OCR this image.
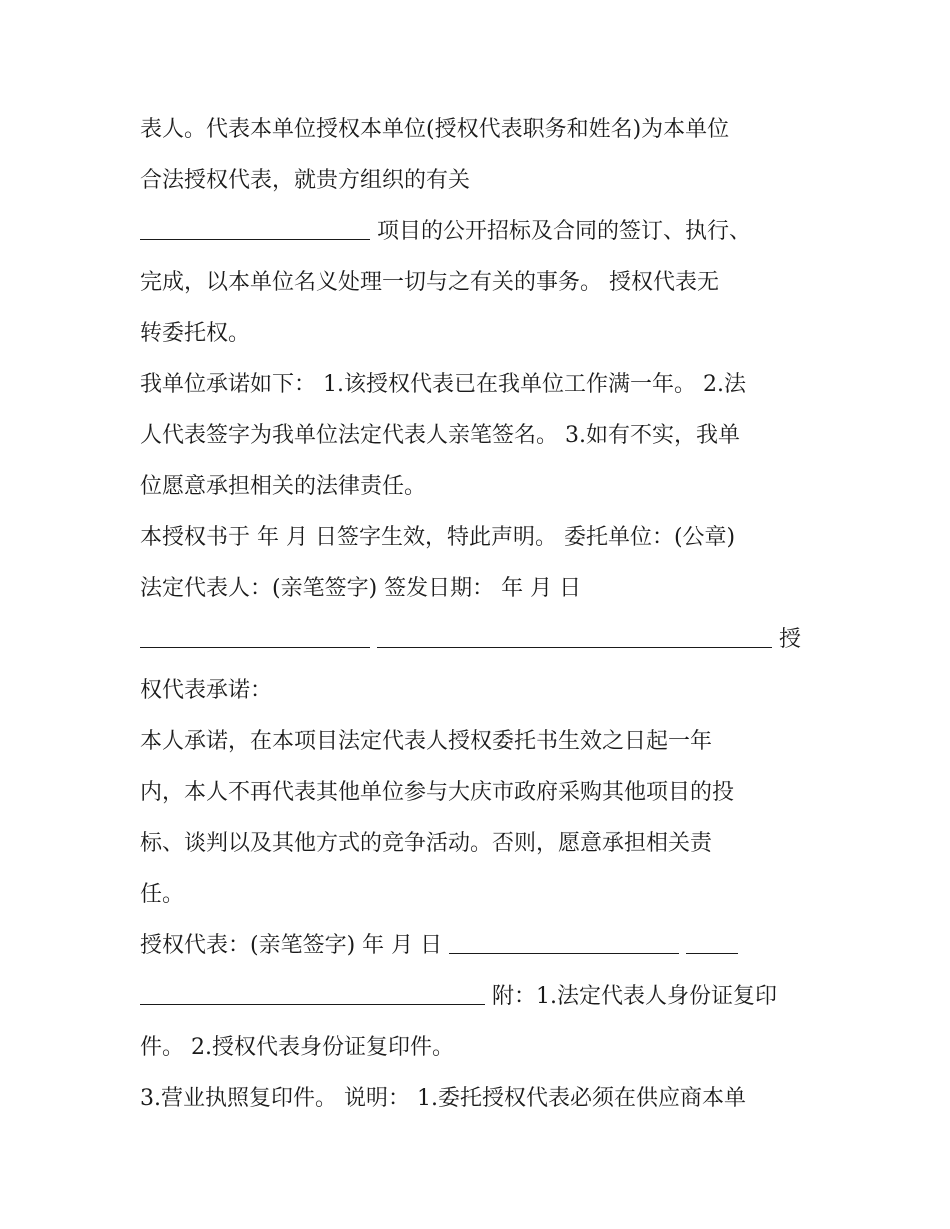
表人。代表本单位授权本单位(授权代表职务和姓名)为本单位
合法授权代表，就贵方组织的有关
项目的公开招标及合同的签订、执行、
完成，以本单位名义处理一切与之有关的事务。 授权代表无
转委托权。
我单位承诺如下： 1.该授权代表已在我单位工作满一年。 2.法
人代表签字为我单位法定代表人亲笔签名。 3.如有不实，我单
位愿意承担相关的法律责任。
本授权书于 年 月 日签字生效，特此声明。 委托单位：(公章)
法定代表人：(亲笔签字) 签发日期： 年 月 日
授
权代表承诺：
本人承诺，在本项目法定代表人授权委托书生效之日起一年
内，本人不再代表其他单位参与大庆市政府采购其他项目的投
标、谈判以及其他方式的竞争活动。否则，愿意承担相关责
任。
授权代表：(亲笔签字) 年 月 日
附：1.法定代表人身份证复印
件。 2.授权代表身份证复印件。
3.营业执照复印件。 说明： 1.委托授权代表必须在供应商本单
